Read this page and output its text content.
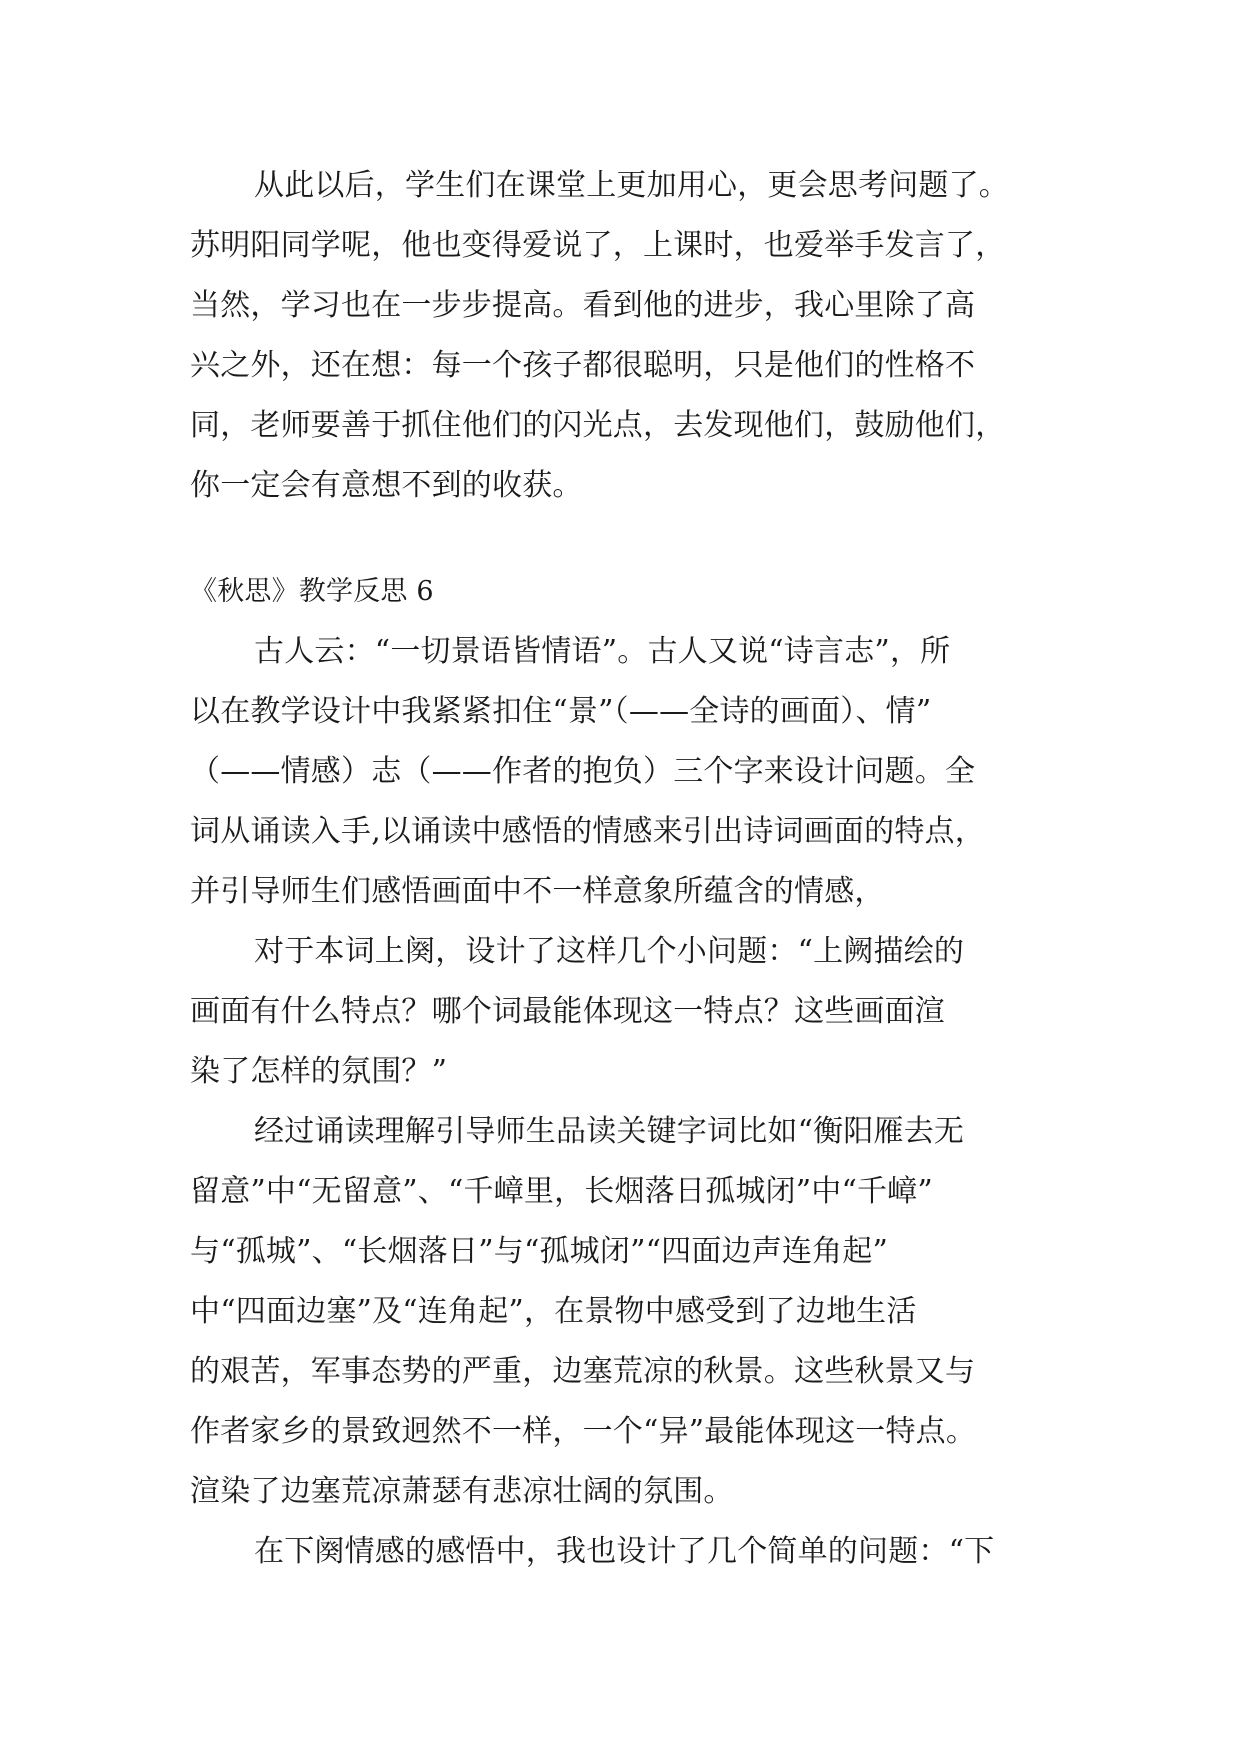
从此以后，学生们在课堂上更加用心，更会思考问题了。
苏明阳同学呢，他也变得爱说了，上课时，也爱举手发言了，
当然，学习也在一步步提高。看到他的进步，我心里除了高
兴之外，还在想：每一个孩子都很聪明，只是他们的性格不
同，老师要善于抓住他们的闪光点，去发现他们，鼓励他们，
你一定会有意想不到的收获。
《秋思》教学反思 6
古人云：“一切景语皆情语”。古人又说“诗言志”，所
以在教学设计中我紧紧扣住“景”（——全诗的画面）、情”
（——情感）志（——作者的抱负）三个字来设计问题。全
词从诵读入手,以诵读中感悟的情感来引出诗词画面的特点，
并引导师生们感悟画面中不一样意象所蕴含的情感，
对于本词上阕，设计了这样几个小问题：“上阙描绘的
画面有什么特点？哪个词最能体现这一特点？这些画面渲
染了怎样的氛围？”
经过诵读理解引导师生品读关键字词比如“衡阳雁去无
留意”中“无留意”、“千嶂里，长烟落日孤城闭”中“千嶂”
与“孤城”、“长烟落日”与“孤城闭”“四面边声连角起”
中“四面边塞”及“连角起”，在景物中感受到了边地生活
的艰苦，军事态势的严重，边塞荒凉的秋景。这些秋景又与
作者家乡的景致迥然不一样，一个“异”最能体现这一特点。
渲染了边塞荒凉萧瑟有悲凉壮阔的氛围。
在下阕情感的感悟中，我也设计了几个简单的问题：“下
